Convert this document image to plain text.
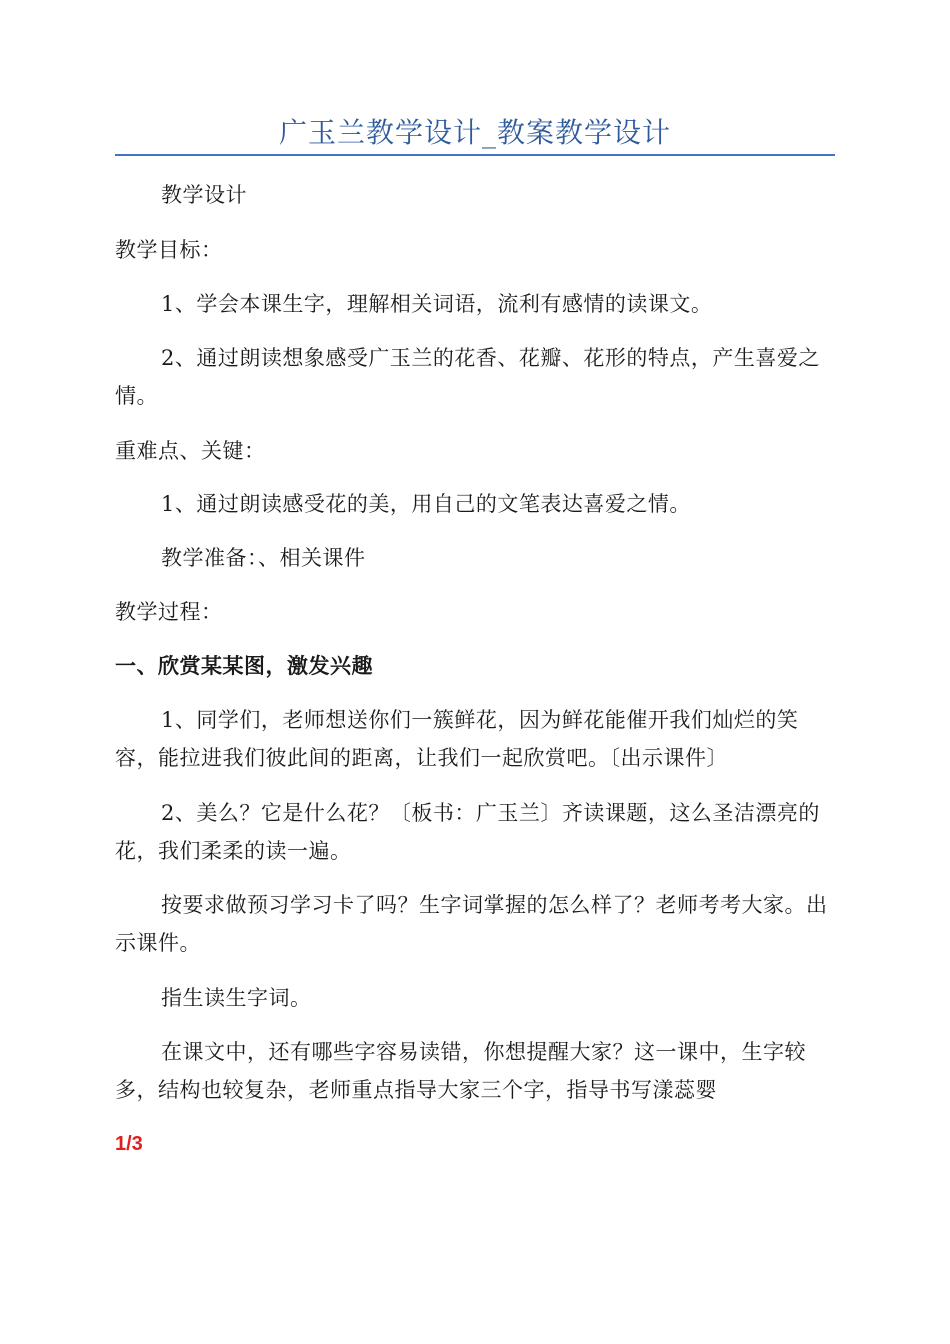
广玉兰教学设计_教案教学设计

教学设计

教学目标：

1、学会本课生字，理解相关词语，流利有感情的读课文。

2、通过朗读想象感受广玉兰的花香、花瓣、花形的特点，产生喜爱之情。

重难点、关键：

1、通过朗读感受花的美，用自己的文笔表达喜爱之情。

教学准备：、相关课件

教学过程：

一、欣赏某某图，激发兴趣

1、同学们，老师想送你们一簇鲜花，因为鲜花能催开我们灿烂的笑容，能拉进我们彼此间的距离，让我们一起欣赏吧。〔出示课件〕

2、美么？它是什么花？〔板书：广玉兰〕齐读课题，这么圣洁漂亮的花，我们柔柔的读一遍。

按要求做预习学习卡了吗？生字词掌握的怎么样了？老师考考大家。出示课件。

指生读生字词。

在课文中，还有哪些字容易读错，你想提醒大家？这一课中，生字较多，结构也较复杂，老师重点指导大家三个字，指导书写漾蕊婴

1/3
